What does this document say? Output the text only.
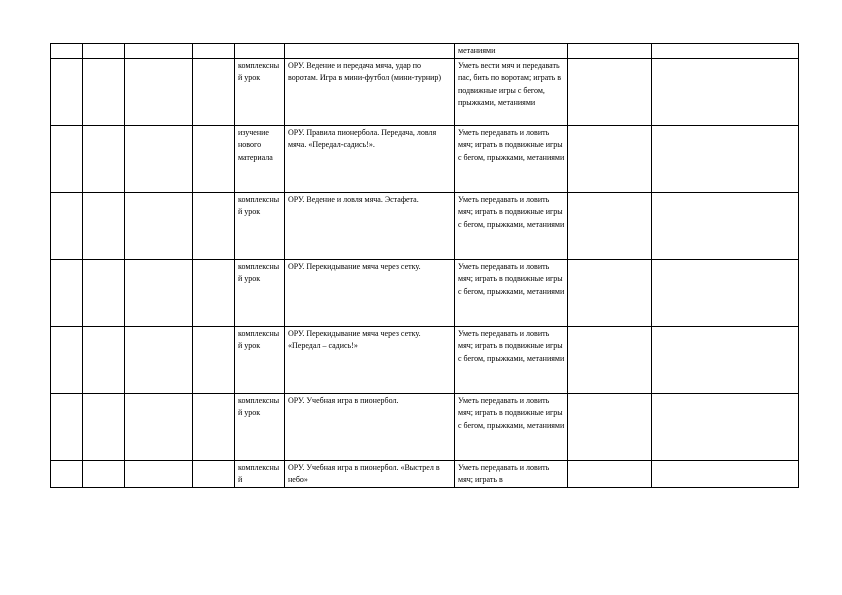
						метаниями		

				комплексный урок	ОРУ. Ведение и передача мяча, удар по воротам. Игра в мини-футбол (мини-турнир)	Уметь вести мяч и передавать пас, бить по воротам; играть в подвижные игры с бегом, прыжками, метаниями		

				изучение нового материала	ОРУ. Правила пионербола. Передача, ловля мяча. «Передал-садись!».	Уметь передавать и ловить мяч; играть в подвижные игры с бегом, прыжками, метаниями		

				комплексный урок	ОРУ. Ведение и ловля мяча. Эстафета.	Уметь передавать и ловить мяч; играть в подвижные игры с бегом, прыжками, метаниями		

				комплексный урок	ОРУ. Перекидывание мяча через сетку.	Уметь передавать и ловить мяч; играть в подвижные игры с бегом, прыжками, метаниями		

				комплексный урок	ОРУ. Перекидывание мяча через сетку. «Передал – садись!»	Уметь передавать и ловить мяч; играть в подвижные игры с бегом, прыжками, метаниями		

				комплексный урок	ОРУ. Учебная игра в пионербол.	Уметь передавать и ловить мяч; играть в подвижные игры с бегом, прыжками, метаниями		

				комплексный	ОРУ. Учебная игра в пионербол. «Выстрел в небо»	Уметь передавать и ловить мяч; играть в		
